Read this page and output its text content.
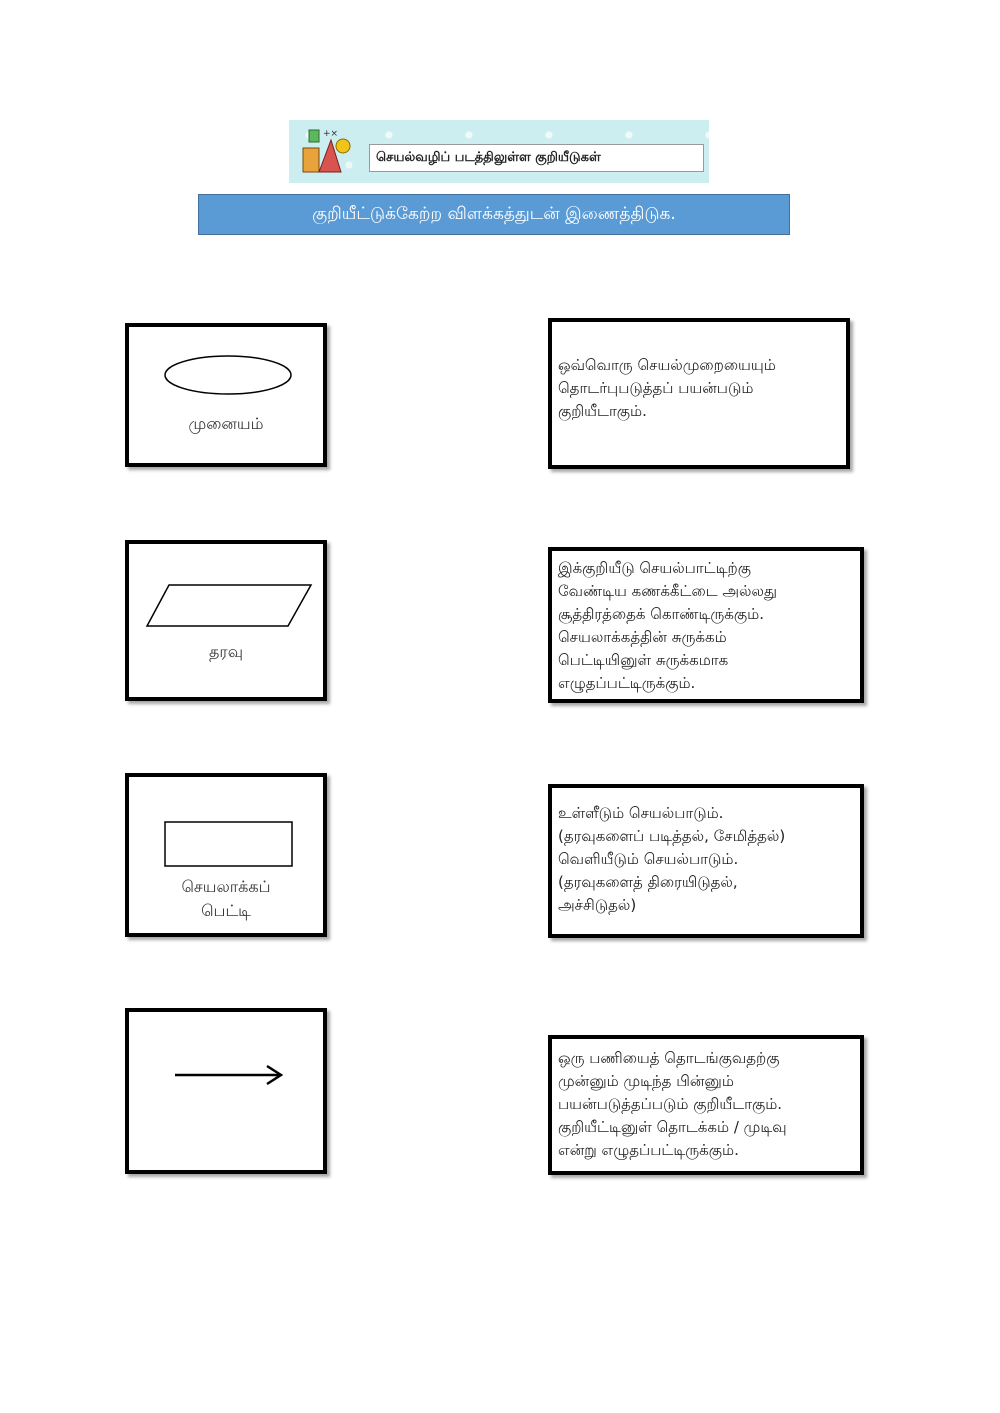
+×
செயல்வழிப் படத்திலுள்ள குறியீடுகள்
குறியீட்டுக்கேற்ற விளக்கத்துடன் இணைத்திடுக.
முனையம்
தரவு
செயலாக்கப்
பெட்டி
ஒவ்வொரு செயல்முறையையும்
தொடர்புபடுத்தப் பயன்படும்
குறியீடாகும்.
இக்குறியீடு செயல்பாட்டிற்கு
வேண்டிய கணக்கீட்டை அல்லது
சூத்திரத்தைக் கொண்டிருக்கும்.
செயலாக்கத்தின் சுருக்கம்
பெட்டியினுள் சுருக்கமாக
எழுதப்பட்டிருக்கும்.
உள்ளீடும் செயல்பாடும்.
(தரவுகளைப் படித்தல், சேமித்தல்)
வெளியீடும் செயல்பாடும்.
(தரவுகளைத் திரையிடுதல்,
அச்சிடுதல்)
ஒரு பணியைத் தொடங்குவதற்கு
முன்னும் முடிந்த பின்னும்
பயன்படுத்தப்படும் குறியீடாகும்.
குறியீட்டினுள் தொடக்கம் / முடிவு
என்று எழுதப்பட்டிருக்கும்.
